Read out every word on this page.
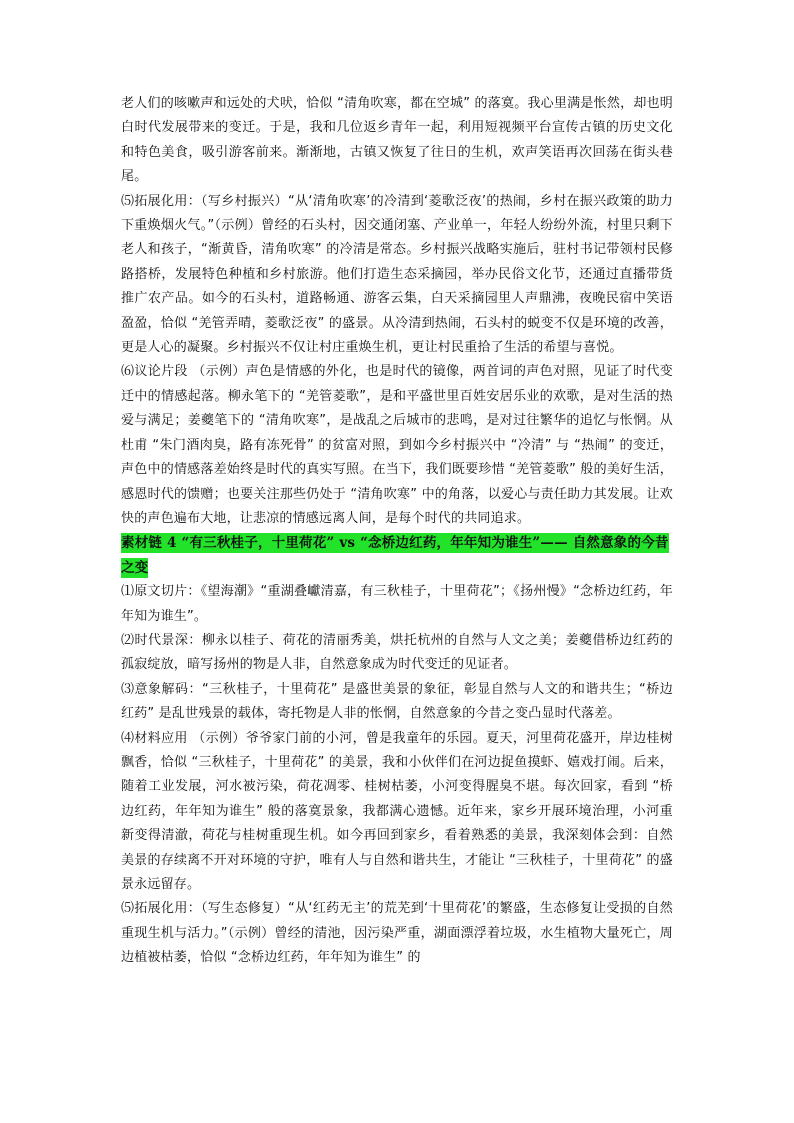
老人们的咳嗽声和远处的犬吠，恰似 “清角吹寒，都在空城” 的落寞。我心里满是怅然，却也明白时代发展带来的变迁。于是，我和几位返乡青年一起，利用短视频平台宣传古镇的历史文化和特色美食，吸引游客前来。渐渐地，古镇又恢复了往日的生机，欢声笑语再次回荡在街头巷尾。

⑸拓展化用：（写乡村振兴）“从‘清角吹寒’的冷清到‘菱歌泛夜’的热闹，乡村在振兴政策的助力下重焕烟火气。”（示例）曾经的石头村，因交通闭塞、产业单一，年轻人纷纷外流，村里只剩下老人和孩子，“渐黄昏，清角吹寒” 的冷清是常态。乡村振兴战略实施后，驻村书记带领村民修路搭桥，发展特色种植和乡村旅游。他们打造生态采摘园，举办民俗文化节，还通过直播带货推广农产品。如今的石头村，道路畅通、游客云集，白天采摘园里人声鼎沸，夜晚民宿中笑语盈盈，恰似 “羌管弄晴，菱歌泛夜” 的盛景。从冷清到热闹，石头村的蜕变不仅是环境的改善，更是人心的凝聚。乡村振兴不仅让村庄重焕生机，更让村民重拾了生活的希望与喜悦。

⑹议论片段 （示例）声色是情感的外化，也是时代的镜像，两首词的声色对照，见证了时代变迁中的情感起落。柳永笔下的 “羌管菱歌”，是和平盛世里百姓安居乐业的欢歌，是对生活的热爱与满足；姜夔笔下的 “清角吹寒”，是战乱之后城市的悲鸣，是对过往繁华的追忆与怅惘。从杜甫 “朱门酒肉臭，路有冻死骨” 的贫富对照，到如今乡村振兴中 “冷清” 与 “热闹” 的变迁，声色中的情感落差始终是时代的真实写照。在当下，我们既要珍惜 “羌管菱歌” 般的美好生活，感恩时代的馈赠；也要关注那些仍处于 “清角吹寒” 中的角落，以爱心与责任助力其发展。让欢快的声色遍布大地，让悲凉的情感远离人间，是每个时代的共同追求。

素材链 4 “有三秋桂子，十里荷花” vs “念桥边红药，年年知为谁生”—— 自然意象的今昔之变

⑴原文切片：《望海潮》“重湖叠巘清嘉，有三秋桂子，十里荷花”；《扬州慢》“念桥边红药，年年知为谁生”。

⑵时代景深：柳永以桂子、荷花的清丽秀美，烘托杭州的自然与人文之美；姜夔借桥边红药的孤寂绽放，暗写扬州的物是人非，自然意象成为时代变迁的见证者。

⑶意象解码：“三秋桂子，十里荷花” 是盛世美景的象征，彰显自然与人文的和谐共生；“桥边红药” 是乱世残景的载体，寄托物是人非的怅惘，自然意象的今昔之变凸显时代落差。

⑷材料应用 （示例）爷爷家门前的小河，曾是我童年的乐园。夏天，河里荷花盛开，岸边桂树飘香，恰似 “三秋桂子，十里荷花” 的美景，我和小伙伴们在河边捉鱼摸虾、嬉戏打闹。后来，随着工业发展，河水被污染，荷花凋零、桂树枯萎，小河变得腥臭不堪。每次回家，看到 “桥边红药，年年知为谁生” 般的落寞景象，我都满心遗憾。近年来，家乡开展环境治理，小河重新变得清澈，荷花与桂树重现生机。如今再回到家乡，看着熟悉的美景，我深刻体会到：自然美景的存续离不开对环境的守护，唯有人与自然和谐共生，才能让 “三秋桂子，十里荷花” 的盛景永远留存。

⑸拓展化用：（写生态修复）“从‘红药无主’的荒芜到‘十里荷花’的繁盛，生态修复让受损的自然重现生机与活力。”（示例）曾经的清池，因污染严重，湖面漂浮着垃圾，水生植物大量死亡，周边植被枯萎，恰似 “念桥边红药，年年知为谁生” 的
